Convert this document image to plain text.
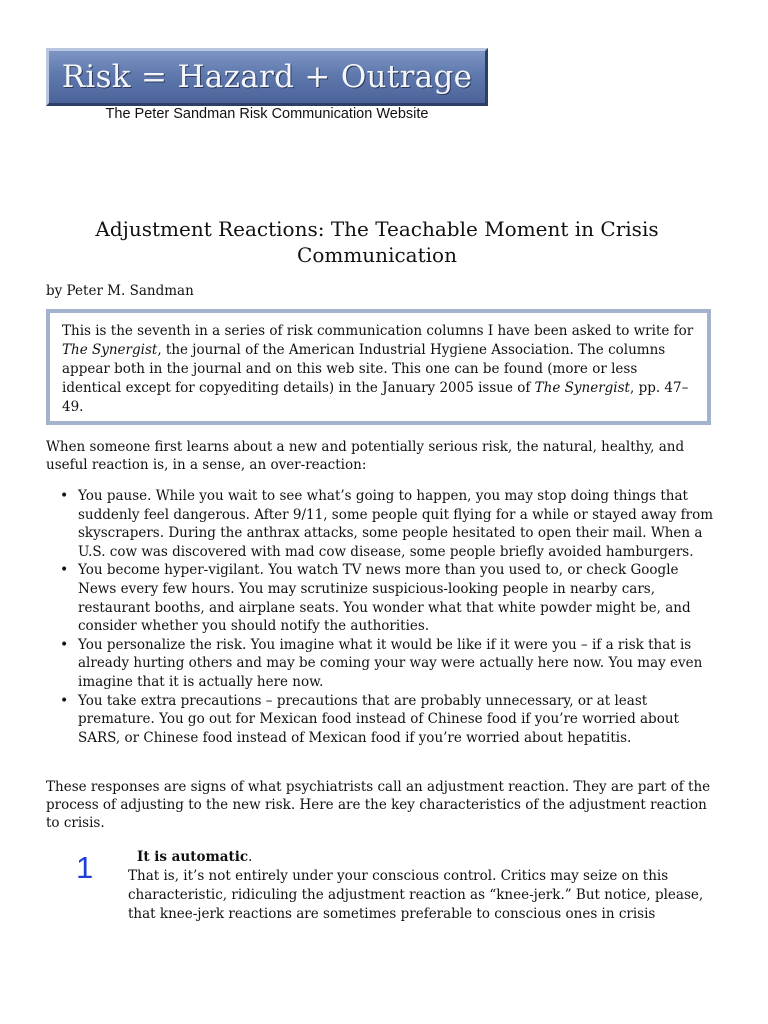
Risk = Hazard + Outrage
The Peter Sandman Risk Communication Website
Adjustment Reactions: The Teachable Moment in Crisis Communication
by Peter M. Sandman
This is the seventh in a series of risk communication columns I have been asked to write for The Synergist, the journal of the American Industrial Hygiene Association. The columns appear both in the journal and on this web site. This one can be found (more or less identical except for copyediting details) in the January 2005 issue of The Synergist, pp. 47–49.

When someone first learns about a new and potentially serious risk, the natural, healthy, and useful reaction is, in a sense, an over-reaction:

• You pause. While you wait to see what’s going to happen, you may stop doing things that suddenly feel dangerous. After 9/11, some people quit flying for a while or stayed away from skyscrapers. During the anthrax attacks, some people hesitated to open their mail. When a U.S. cow was discovered with mad cow disease, some people briefly avoided hamburgers.
• You become hyper-vigilant. You watch TV news more than you used to, or check Google News every few hours. You may scrutinize suspicious-looking people in nearby cars, restaurant booths, and airplane seats. You wonder what that white powder might be, and consider whether you should notify the authorities.
• You personalize the risk. You imagine what it would be like if it were you – if a risk that is already hurting others and may be coming your way were actually here now. You may even imagine that it is actually here now.
• You take extra precautions – precautions that are probably unnecessary, or at least premature. You go out for Mexican food instead of Chinese food if you’re worried about SARS, or Chinese food instead of Mexican food if you’re worried about hepatitis.

These responses are signs of what psychiatrists call an adjustment reaction. They are part of the process of adjusting to the new risk. Here are the key characteristics of the adjustment reaction to crisis.

1	It is automatic.

That is, it’s not entirely under your conscious control. Critics may seize on this characteristic, ridiculing the adjustment reaction as “knee-jerk.” But notice, please, that knee-jerk reactions are sometimes preferable to conscious ones in crisis
